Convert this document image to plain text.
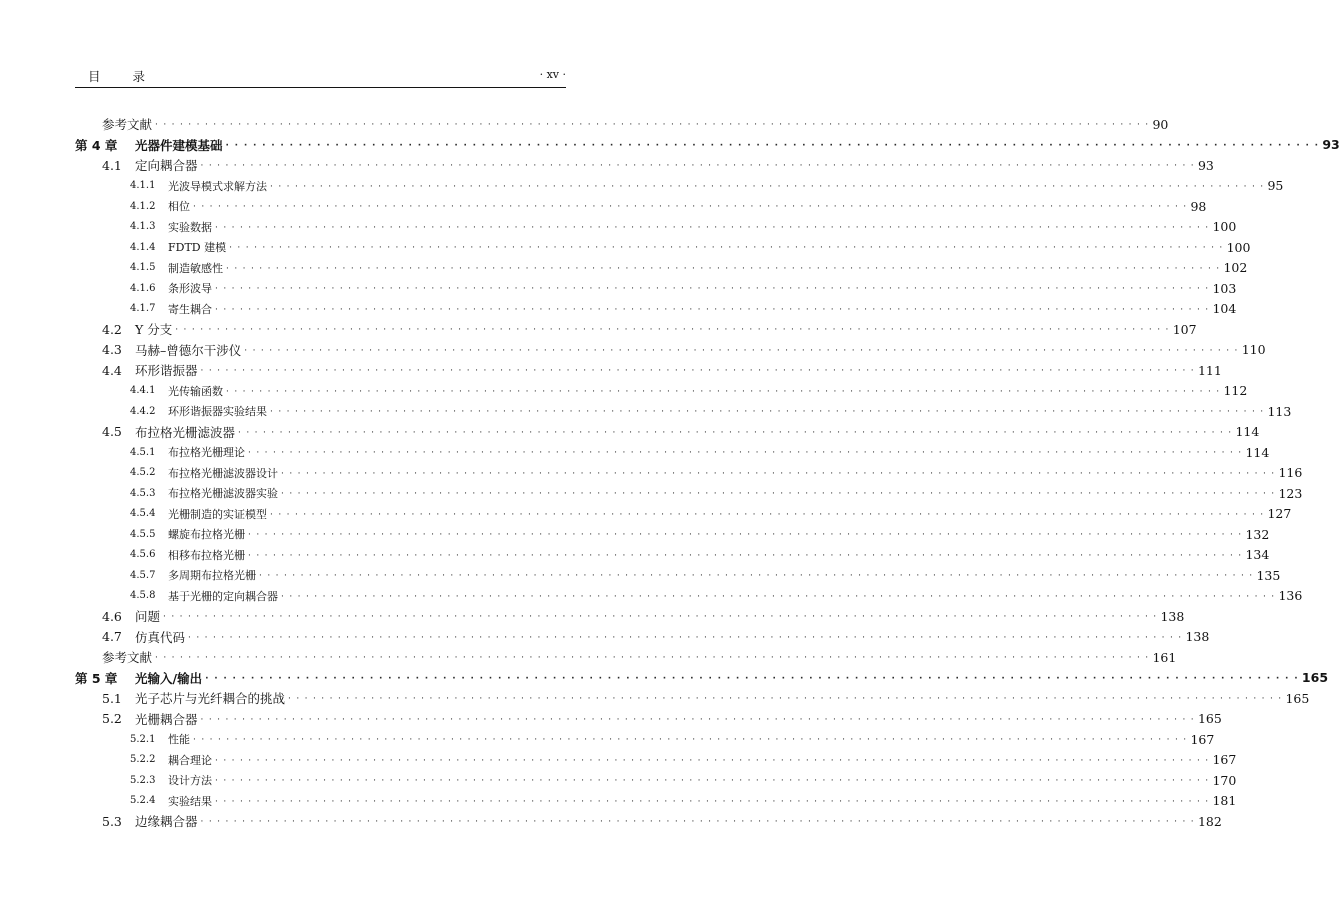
目 录	· xv ·
参考文献 · · · · · · · · · · · · · · · · · · · · · · · · · · · · · · · · · · · · · · · · · · · · · · · · · · · · · · · · · · · · · · · · · · · · · · · · · · · · · · · · · · · · · · · · · · · · · · · · · · · · · · · · · · · · · · · · · · · · · · · · 90
第 4 章	光器件建模基础 · · · · · · · · · · · · · · · · · · · · · · · · · · · · · · · · · · · · · · · · · · · · · · · · · · · · · · · · · · · · · · · · · · · · · · · · · · · · · · · · · · · · · · · · · · · · · · · · · · · · · · · · · · · · · · · · · · · · · · · · 93
4.1	定向耦合器 · · · · · · · · · · · · · · · · · · · · · · · · · · · · · · · · · · · · · · · · · · · · · · · · · · · · · · · · · · · · · · · · · · · · · · · · · · · · · · · · · · · · · · · · · · · · · · · · · · · · · · · · · · · · · · · · · · · · · · · · 93
4.1.1	光波导模式求解方法 · · · · · · · · · · · · · · · · · · · · · · · · · · · · · · · · · · · · · · · · · · · · · · · · · · · · · · · · · · · · · · · · · · · · · · · · · · · · · · · · · · · · · · · · · · · · · · · · · · · · · · · · · · · · · · · · · · · · · · · · 95
4.1.2	相位 · · · · · · · · · · · · · · · · · · · · · · · · · · · · · · · · · · · · · · · · · · · · · · · · · · · · · · · · · · · · · · · · · · · · · · · · · · · · · · · · · · · · · · · · · · · · · · · · · · · · · · · · · · · · · · · · · · · · · · · · 98
4.1.3	实验数据 · · · · · · · · · · · · · · · · · · · · · · · · · · · · · · · · · · · · · · · · · · · · · · · · · · · · · · · · · · · · · · · · · · · · · · · · · · · · · · · · · · · · · · · · · · · · · · · · · · · · · · · · · · · · · · · · · · · · · · · · 100
4.1.4	FDTD 建模 · · · · · · · · · · · · · · · · · · · · · · · · · · · · · · · · · · · · · · · · · · · · · · · · · · · · · · · · · · · · · · · · · · · · · · · · · · · · · · · · · · · · · · · · · · · · · · · · · · · · · · · · · · · · · · · · · · · · · · · · 100
4.1.5	制造敏感性 · · · · · · · · · · · · · · · · · · · · · · · · · · · · · · · · · · · · · · · · · · · · · · · · · · · · · · · · · · · · · · · · · · · · · · · · · · · · · · · · · · · · · · · · · · · · · · · · · · · · · · · · · · · · · · · · · · · · · · · · 102
4.1.6	条形波导 · · · · · · · · · · · · · · · · · · · · · · · · · · · · · · · · · · · · · · · · · · · · · · · · · · · · · · · · · · · · · · · · · · · · · · · · · · · · · · · · · · · · · · · · · · · · · · · · · · · · · · · · · · · · · · · · · · · · · · · · 103
4.1.7	寄生耦合 · · · · · · · · · · · · · · · · · · · · · · · · · · · · · · · · · · · · · · · · · · · · · · · · · · · · · · · · · · · · · · · · · · · · · · · · · · · · · · · · · · · · · · · · · · · · · · · · · · · · · · · · · · · · · · · · · · · · · · · · 104
4.2	Y 分支 · · · · · · · · · · · · · · · · · · · · · · · · · · · · · · · · · · · · · · · · · · · · · · · · · · · · · · · · · · · · · · · · · · · · · · · · · · · · · · · · · · · · · · · · · · · · · · · · · · · · · · · · · · · · · · · · · · · · · · · · 107
4.3	马赫–曾德尔干涉仪 · · · · · · · · · · · · · · · · · · · · · · · · · · · · · · · · · · · · · · · · · · · · · · · · · · · · · · · · · · · · · · · · · · · · · · · · · · · · · · · · · · · · · · · · · · · · · · · · · · · · · · · · · · · · · · · · · · · · · · · · 110
4.4	环形谐振器 · · · · · · · · · · · · · · · · · · · · · · · · · · · · · · · · · · · · · · · · · · · · · · · · · · · · · · · · · · · · · · · · · · · · · · · · · · · · · · · · · · · · · · · · · · · · · · · · · · · · · · · · · · · · · · · · · · · · · · · · 111
4.4.1	光传输函数 · · · · · · · · · · · · · · · · · · · · · · · · · · · · · · · · · · · · · · · · · · · · · · · · · · · · · · · · · · · · · · · · · · · · · · · · · · · · · · · · · · · · · · · · · · · · · · · · · · · · · · · · · · · · · · · · · · · · · · · · 112
4.4.2	环形谐振器实验结果 · · · · · · · · · · · · · · · · · · · · · · · · · · · · · · · · · · · · · · · · · · · · · · · · · · · · · · · · · · · · · · · · · · · · · · · · · · · · · · · · · · · · · · · · · · · · · · · · · · · · · · · · · · · · · · · · · · · · · · · · 113
4.5	布拉格光栅滤波器 · · · · · · · · · · · · · · · · · · · · · · · · · · · · · · · · · · · · · · · · · · · · · · · · · · · · · · · · · · · · · · · · · · · · · · · · · · · · · · · · · · · · · · · · · · · · · · · · · · · · · · · · · · · · · · · · · · · · · · · · 114
4.5.1	布拉格光栅理论 · · · · · · · · · · · · · · · · · · · · · · · · · · · · · · · · · · · · · · · · · · · · · · · · · · · · · · · · · · · · · · · · · · · · · · · · · · · · · · · · · · · · · · · · · · · · · · · · · · · · · · · · · · · · · · · · · · · · · · · · 114
4.5.2	布拉格光栅滤波器设计 · · · · · · · · · · · · · · · · · · · · · · · · · · · · · · · · · · · · · · · · · · · · · · · · · · · · · · · · · · · · · · · · · · · · · · · · · · · · · · · · · · · · · · · · · · · · · · · · · · · · · · · · · · · · · · · · · · · · · · · · 116
4.5.3	布拉格光栅滤波器实验 · · · · · · · · · · · · · · · · · · · · · · · · · · · · · · · · · · · · · · · · · · · · · · · · · · · · · · · · · · · · · · · · · · · · · · · · · · · · · · · · · · · · · · · · · · · · · · · · · · · · · · · · · · · · · · · · · · · · · · · · 123
4.5.4	光栅制造的实证模型 · · · · · · · · · · · · · · · · · · · · · · · · · · · · · · · · · · · · · · · · · · · · · · · · · · · · · · · · · · · · · · · · · · · · · · · · · · · · · · · · · · · · · · · · · · · · · · · · · · · · · · · · · · · · · · · · · · · · · · · · 127
4.5.5	螺旋布拉格光栅 · · · · · · · · · · · · · · · · · · · · · · · · · · · · · · · · · · · · · · · · · · · · · · · · · · · · · · · · · · · · · · · · · · · · · · · · · · · · · · · · · · · · · · · · · · · · · · · · · · · · · · · · · · · · · · · · · · · · · · · · 132
4.5.6	相移布拉格光栅 · · · · · · · · · · · · · · · · · · · · · · · · · · · · · · · · · · · · · · · · · · · · · · · · · · · · · · · · · · · · · · · · · · · · · · · · · · · · · · · · · · · · · · · · · · · · · · · · · · · · · · · · · · · · · · · · · · · · · · · · 134
4.5.7	多周期布拉格光栅 · · · · · · · · · · · · · · · · · · · · · · · · · · · · · · · · · · · · · · · · · · · · · · · · · · · · · · · · · · · · · · · · · · · · · · · · · · · · · · · · · · · · · · · · · · · · · · · · · · · · · · · · · · · · · · · · · · · · · · · · 135
4.5.8	基于光栅的定向耦合器 · · · · · · · · · · · · · · · · · · · · · · · · · · · · · · · · · · · · · · · · · · · · · · · · · · · · · · · · · · · · · · · · · · · · · · · · · · · · · · · · · · · · · · · · · · · · · · · · · · · · · · · · · · · · · · · · · · · · · · · · 136
4.6	问题 · · · · · · · · · · · · · · · · · · · · · · · · · · · · · · · · · · · · · · · · · · · · · · · · · · · · · · · · · · · · · · · · · · · · · · · · · · · · · · · · · · · · · · · · · · · · · · · · · · · · · · · · · · · · · · · · · · · · · · · · 138
4.7	仿真代码 · · · · · · · · · · · · · · · · · · · · · · · · · · · · · · · · · · · · · · · · · · · · · · · · · · · · · · · · · · · · · · · · · · · · · · · · · · · · · · · · · · · · · · · · · · · · · · · · · · · · · · · · · · · · · · · · · · · · · · · · 138
参考文献 · · · · · · · · · · · · · · · · · · · · · · · · · · · · · · · · · · · · · · · · · · · · · · · · · · · · · · · · · · · · · · · · · · · · · · · · · · · · · · · · · · · · · · · · · · · · · · · · · · · · · · · · · · · · · · · · · · · · · · · · 161
第 5 章	光输入/输出 · · · · · · · · · · · · · · · · · · · · · · · · · · · · · · · · · · · · · · · · · · · · · · · · · · · · · · · · · · · · · · · · · · · · · · · · · · · · · · · · · · · · · · · · · · · · · · · · · · · · · · · · · · · · · · · · · · · · · · · · 165
5.1	光子芯片与光纤耦合的挑战 · · · · · · · · · · · · · · · · · · · · · · · · · · · · · · · · · · · · · · · · · · · · · · · · · · · · · · · · · · · · · · · · · · · · · · · · · · · · · · · · · · · · · · · · · · · · · · · · · · · · · · · · · · · · · · · · · · · · · · · · 165
5.2	光栅耦合器 · · · · · · · · · · · · · · · · · · · · · · · · · · · · · · · · · · · · · · · · · · · · · · · · · · · · · · · · · · · · · · · · · · · · · · · · · · · · · · · · · · · · · · · · · · · · · · · · · · · · · · · · · · · · · · · · · · · · · · · · 165
5.2.1	性能 · · · · · · · · · · · · · · · · · · · · · · · · · · · · · · · · · · · · · · · · · · · · · · · · · · · · · · · · · · · · · · · · · · · · · · · · · · · · · · · · · · · · · · · · · · · · · · · · · · · · · · · · · · · · · · · · · · · · · · · · 167
5.2.2	耦合理论 · · · · · · · · · · · · · · · · · · · · · · · · · · · · · · · · · · · · · · · · · · · · · · · · · · · · · · · · · · · · · · · · · · · · · · · · · · · · · · · · · · · · · · · · · · · · · · · · · · · · · · · · · · · · · · · · · · · · · · · · 167
5.2.3	设计方法 · · · · · · · · · · · · · · · · · · · · · · · · · · · · · · · · · · · · · · · · · · · · · · · · · · · · · · · · · · · · · · · · · · · · · · · · · · · · · · · · · · · · · · · · · · · · · · · · · · · · · · · · · · · · · · · · · · · · · · · · 170
5.2.4	实验结果 · · · · · · · · · · · · · · · · · · · · · · · · · · · · · · · · · · · · · · · · · · · · · · · · · · · · · · · · · · · · · · · · · · · · · · · · · · · · · · · · · · · · · · · · · · · · · · · · · · · · · · · · · · · · · · · · · · · · · · · · 181
5.3	边缘耦合器 · · · · · · · · · · · · · · · · · · · · · · · · · · · · · · · · · · · · · · · · · · · · · · · · · · · · · · · · · · · · · · · · · · · · · · · · · · · · · · · · · · · · · · · · · · · · · · · · · · · · · · · · · · · · · · · · · · · · · · · · 182
